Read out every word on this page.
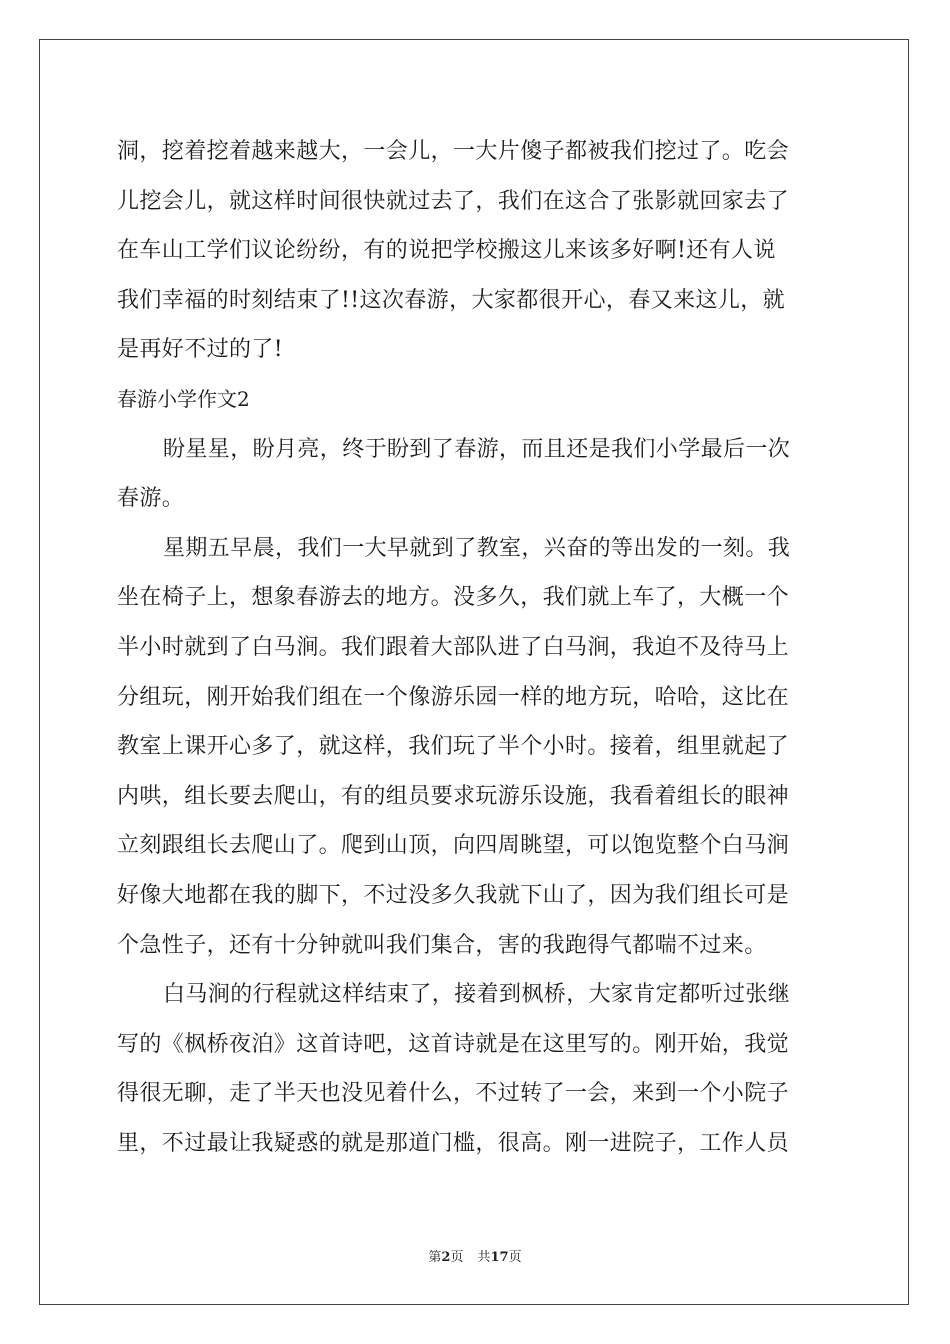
洞，挖着挖着越来越大，一会儿，一大片傻子都被我们挖过了。吃会
儿挖会儿，就这样时间很快就过去了，我们在这合了张影就回家去了
在车山工学们议论纷纷，有的说把学校搬这儿来该多好啊!还有人说
我们幸福的时刻结束了!!这次春游，大家都很开心，春又来这儿，就
是再好不过的了!
春游小学作文2
盼星星，盼月亮，终于盼到了春游，而且还是我们小学最后一次
春游。
星期五早晨，我们一大早就到了教室，兴奋的等出发的一刻。我
坐在椅子上，想象春游去的地方。没多久，我们就上车了，大概一个
半小时就到了白马涧。我们跟着大部队进了白马涧，我迫不及待马上
分组玩，刚开始我们组在一个像游乐园一样的地方玩，哈哈，这比在
教室上课开心多了，就这样，我们玩了半个小时。接着，组里就起了
内哄，组长要去爬山，有的组员要求玩游乐设施，我看着组长的眼神
立刻跟组长去爬山了。爬到山顶，向四周眺望，可以饱览整个白马涧
好像大地都在我的脚下，不过没多久我就下山了，因为我们组长可是
个急性子，还有十分钟就叫我们集合，害的我跑得气都喘不过来。
白马涧的行程就这样结束了，接着到枫桥，大家肯定都听过张继
写的《枫桥夜泊》这首诗吧，这首诗就是在这里写的。刚开始，我觉
得很无聊，走了半天也没见着什么，不过转了一会，来到一个小院子
里，不过最让我疑惑的就是那道门槛，很高。刚一进院子，工作人员
第2页 共17页
